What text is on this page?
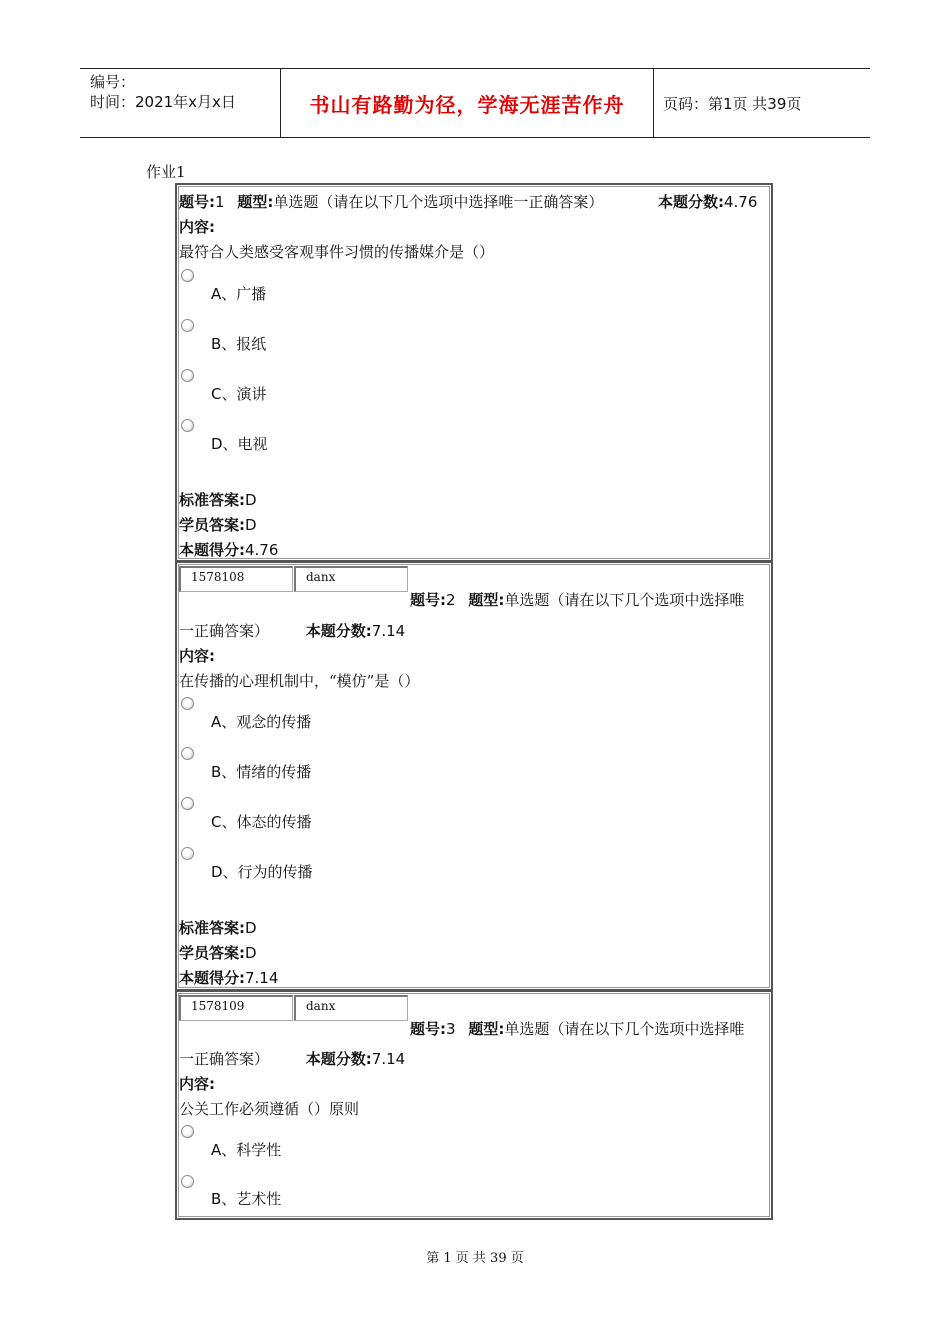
编号：
时间：2021年x月x日	书山有路勤为径，学海无涯苦作舟	页码：第1页 共39页
作业1
题号:1 题型:单选题（请在以下几个选项中选择唯一正确答案）	本题分数:4.76
内容:
最符合人类感受客观事件习惯的传播媒介是（）
A、广播
B、报纸
C、演讲
D、电视
标准答案:D
学员答案:D
本题得分:4.76
1578108	danx
题号:2 题型:单选题（请在以下几个选项中选择唯
一正确答案） 本题分数:7.14
内容:
在传播的心理机制中，“模仿”是（）
A、观念的传播
B、情绪的传播
C、体态的传播
D、行为的传播
标准答案:D
学员答案:D
本题得分:7.14
1578109	danx
题号:3 题型:单选题（请在以下几个选项中选择唯
一正确答案） 本题分数:7.14
内容:
公关工作必须遵循（）原则
A、科学性
B、艺术性
第 1 页 共 39 页
